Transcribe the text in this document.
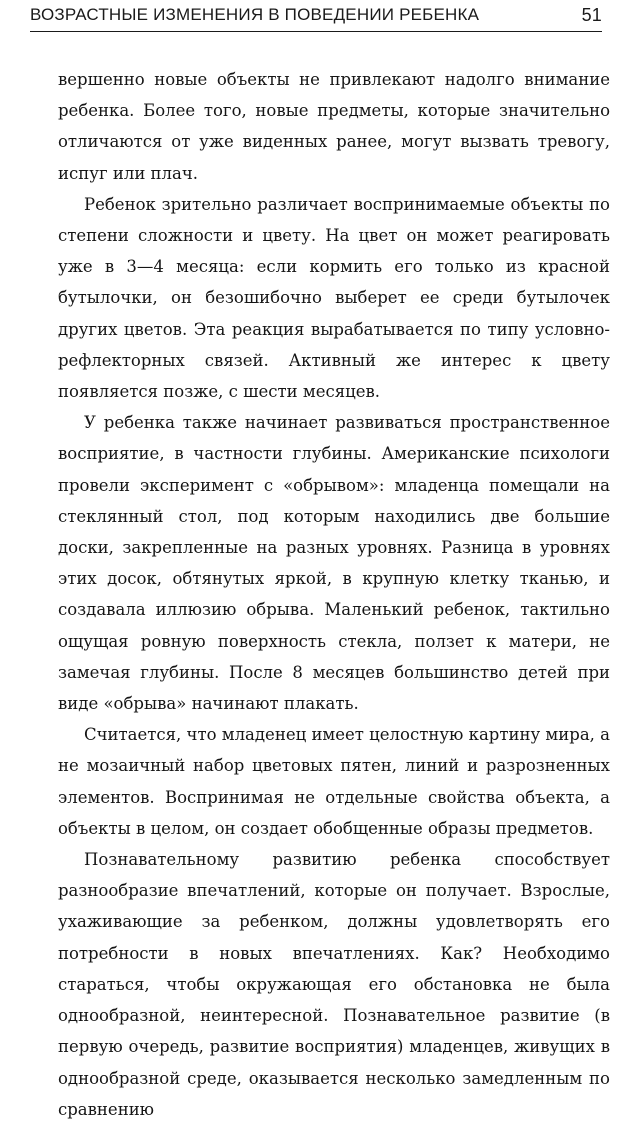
ВОЗРАСТНЫЕ ИЗМЕНЕНИЯ В ПОВЕДЕНИИ РЕБЕНКА	51

вершенно новые объекты не привлекают надолго внимание ребенка. Более того, новые предметы, которые значительно отличаются от уже виденных ранее, могут вызвать тревогу, испуг или плач.

Ребенок зрительно различает воспринимаемые объекты по степени сложности и цвету. На цвет он может реагировать уже в 3—4 месяца: если кормить его только из красной бутылочки, он безошибочно выберет ее среди бутылочек других цветов. Эта реакция вырабатывается по типу условно-рефлекторных связей. Активный же интерес к цвету появляется позже, с шести месяцев.

У ребенка также начинает развиваться пространственное восприятие, в частности глубины. Американские психологи провели эксперимент с «обрывом»: младенца помещали на стеклянный стол, под которым находились две большие доски, закрепленные на разных уровнях. Разница в уровнях этих досок, обтянутых яркой, в крупную клетку тканью, и создавала иллюзию обрыва. Маленький ребенок, тактильно ощущая ровную поверхность стекла, ползет к матери, не замечая глубины. После 8 месяцев большинство детей при виде «обрыва» начинают плакать.

Считается, что младенец имеет целостную картину мира, а не мозаичный набор цветовых пятен, линий и разрозненных элементов. Воспринимая не отдельные свойства объекта, а объекты в целом, он создает обобщенные образы предметов.

Познавательному развитию ребенка способствует разнообразие впечатлений, которые он получает. Взрослые, ухаживающие за ребенком, должны удовлетворять его потребности в новых впечатлениях. Как? Необходимо стараться, чтобы окружающая его обстановка не была однообразной, неинтересной. Познавательное развитие (в первую очередь, развитие восприятия) младенцев, живущих в однообразной среде, оказывается несколько замедленным по сравнению
